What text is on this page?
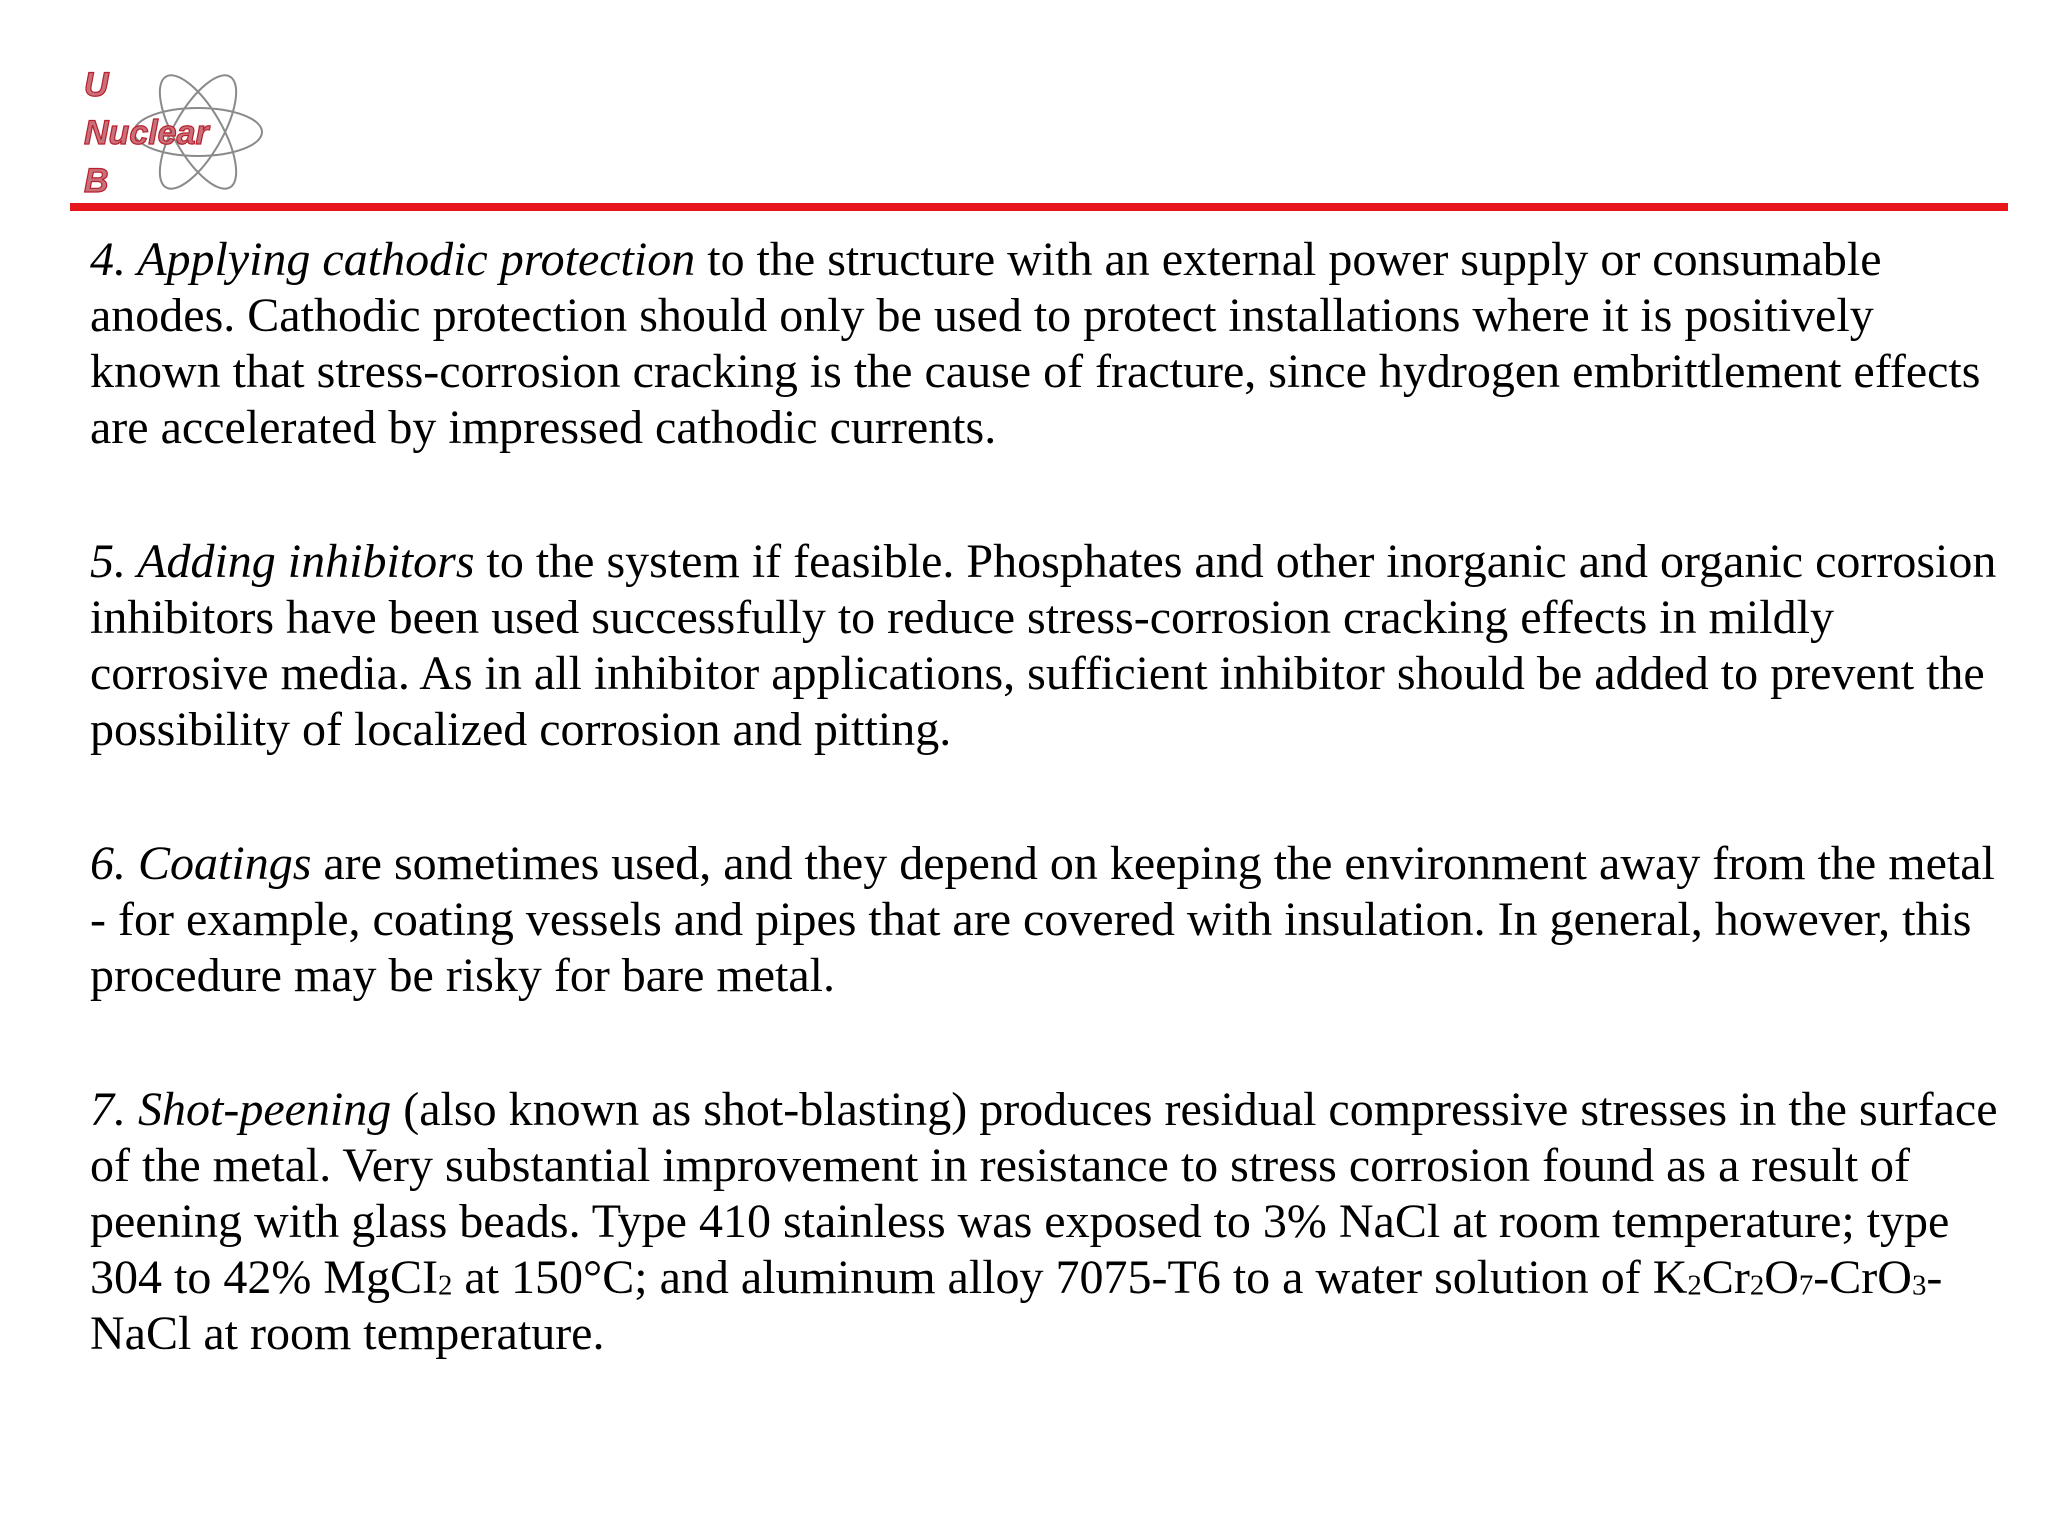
U
Nuclear
B

4. Applying cathodic protection to the structure with an external power supply or consumable anodes. Cathodic protection should only be used to protect installations where it is positively known that stress-corrosion cracking is the cause of fracture, since hydrogen embrittlement effects are accelerated by impressed cathodic currents.

5. Adding inhibitors to the system if feasible. Phosphates and other inorganic and organic corrosion inhibitors have been used successfully to reduce stress-corrosion cracking effects in mildly corrosive media. As in all inhibitor applications, sufficient inhibitor should be added to prevent the possibility of localized corrosion and pitting.

6. Coatings are sometimes used, and they depend on keeping the environment away from the metal - for example, coating vessels and pipes that are covered with insulation. In general, however, this procedure may be risky for bare metal.

7. Shot-peening (also known as shot-blasting) produces residual compressive stresses in the surface of the metal. Very substantial improvement in resistance to stress corrosion found as a result of peening with glass beads. Type 410 stainless was exposed to 3% NaCl at room temperature; type 304 to 42% MgCI$_2$ at 150°C; and aluminum alloy 7075-T6 to a water solution of $K_2Cr_2O_7-CrO_3$-NaCl at room temperature.
